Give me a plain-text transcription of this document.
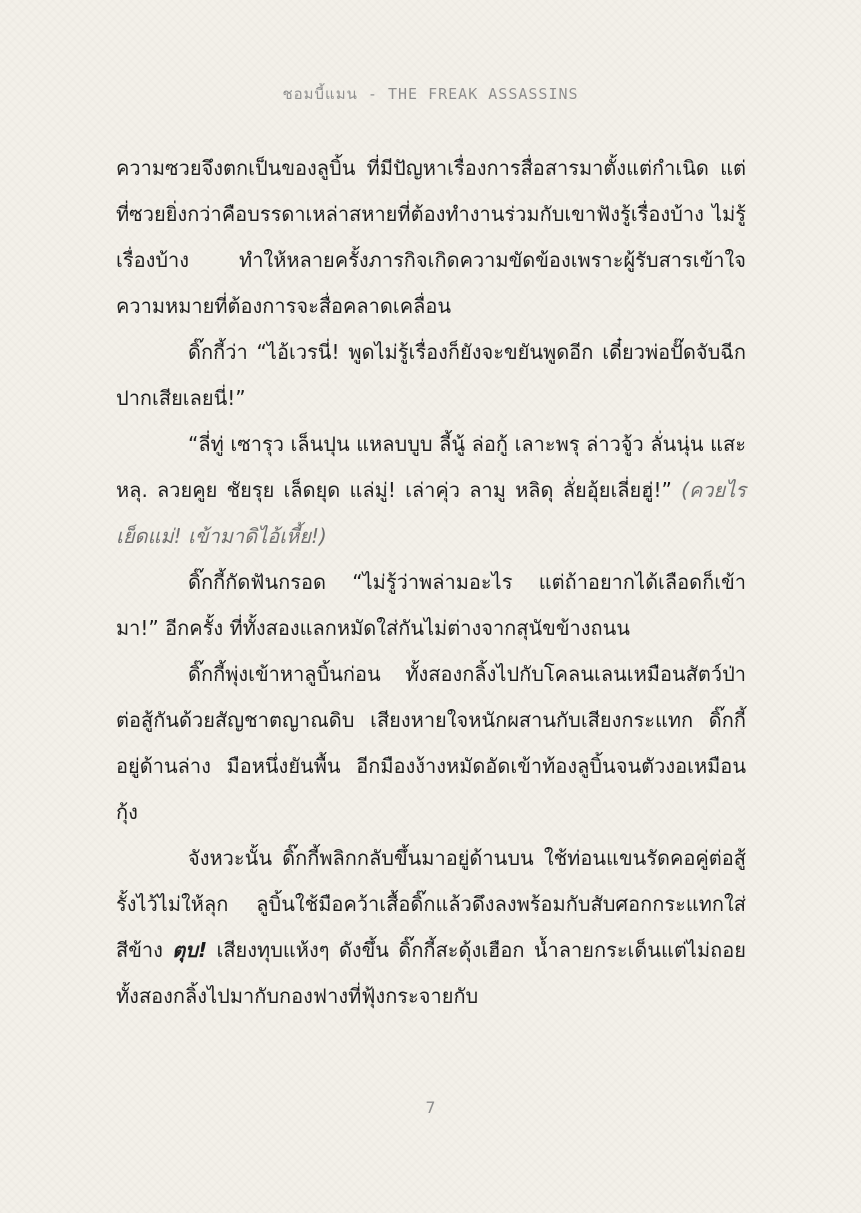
ชอมบี้แมน - THE FREAK ASSASSINS

ความซวยจึงตกเป็นของลูบิ้น ที่มีปัญหาเรื่องการสื่อสารมาตั้งแต่กำเนิด แต่ที่ซวยยิ่งกว่าคือบรรดาเหล่าสหายที่ต้องทำงานร่วมกับเขาฟังรู้เรื่องบ้าง ไม่รู้เรื่องบ้าง ทำให้หลายครั้งภารกิจเกิดความขัดข้องเพราะผู้รับสารเข้าใจความหมายที่ต้องการจะสื่อคลาดเคลื่อน

ดิ๊กกี้ว่า “ไอ้เวรนี่! พูดไม่รู้เรื่องก็ยังจะขยันพูดอีก เดี๋ยวพ่อปั๊ดจับฉีกปากเสียเลยนี่!”

“ลี่ทู่ เซารุว เล็นปุน แหลบบูบ ลี้นู้ ล่อกู้ เลาะพรุ ล่าวจู้ว ลั่นนุ่น แสะหลุ. ลวยคูย ชัยรุย เล็ดยุด แล่มู่! เล่าคุ่ว ลามู หลิดุ ลั่ยอุ้ยเลี่ยฮู่!” (ควยไรเย็ดแม่! เข้ามาดิไอ้เหี้ย!)

ดิ๊กกี้กัดฟันกรอด “ไม่รู้ว่าพล่ามอะไร แต่ถ้าอยากได้เลือดก็เข้ามา!” อีกครั้ง ที่ทั้งสองแลกหมัดใส่กันไม่ต่างจากสุนัขข้างถนน

ดิ๊กกี้พุ่งเข้าหาลูบิ้นก่อน ทั้งสองกลิ้งไปกับโคลนเลนเหมือนสัตว์ป่าต่อสู้กันด้วยสัญชาตญาณดิบ เสียงหายใจหนักผสานกับเสียงกระแทก ดิ๊กกี้อยู่ด้านล่าง มือหนึ่งยันพื้น อีกมืองง้างหมัดอัดเข้าท้องลูบิ้นจนตัวงอเหมือนกุ้ง

จังหวะนั้น ดิ๊กกี้พลิกกลับขึ้นมาอยู่ด้านบน ใช้ท่อนแขนรัดคอคู่ต่อสู้ รั้งไว้ไม่ให้ลุก ลูบิ้นใช้มือคว้าเสื้อดิ๊กแล้วดึงลงพร้อมกับสับศอกกระแทกใส่สีข้าง ตุบ! เสียงทุบแห้งๆ ดังขึ้น ดิ๊กกี้สะดุ้งเฮือก น้ำลายกระเด็นแต่ไม่ถอย ทั้งสองกลิ้งไปมากับกองฟางที่ฟุ้งกระจายกับ

7
